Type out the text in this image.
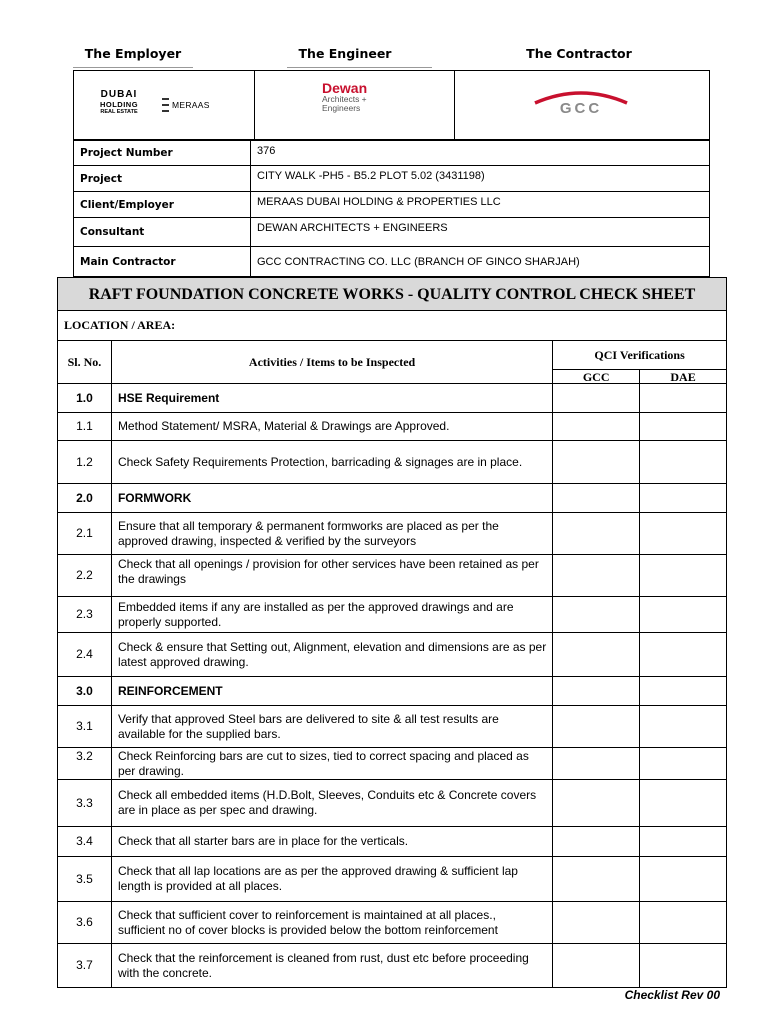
The Employer	The Engineer	The Contractor
DUBAI
HOLDING
REAL ESTATE
MERAAS
Dewan
Architects +
Engineers	GCC
Project Number	376
Project	CITY WALK -PH5 - B5.2 PLOT 5.02 (3431198)
Client/Employer	MERAAS DUBAI HOLDING & PROPERTIES LLC
Consultant	DEWAN ARCHITECTS + ENGINEERS
Main Contractor	GCC CONTRACTING CO. LLC (BRANCH OF GINCO SHARJAH)
RAFT FOUNDATION CONCRETE WORKS - QUALITY CONTROL CHECK SHEET			
LOCATION / AREA:			
Sl. No.	Activities / Items to be Inspected	QCI Verifications	
		GCC	DAE
1.0	HSE Requirement		
1.1	Method Statement/ MSRA, Material & Drawings are Approved.		
1.2	Check Safety Requirements Protection, barricading & signages are in place.		
2.0	FORMWORK		
2.1	Ensure that all temporary & permanent formworks are placed as per the approved drawing, inspected & verified by the surveyors		
2.2	Check that all openings / provision for other services have been retained as per the drawings		
2.3	Embedded items if any are installed as per the approved drawings and are properly supported.		
2.4	Check & ensure that Setting out, Alignment, elevation and dimensions are as per latest approved drawing.		
3.0	REINFORCEMENT		
3.1	Verify that approved Steel bars are delivered to site & all test results are available for the supplied bars.		
3.2	Check Reinforcing bars are cut to sizes, tied to correct spacing and placed as per drawing.		
3.3	Check all embedded items (H.D.Bolt, Sleeves, Conduits etc & Concrete covers are in place as per spec and drawing.		
3.4	Check that all starter bars are in place for the verticals.		
3.5	Check that all lap locations are as per the approved drawing & sufficient lap length is provided at all places.		
3.6	Check that sufficient cover to reinforcement is maintained at all places., sufficient no of cover blocks is provided below the bottom reinforcement		
3.7	Check that the reinforcement is cleaned from rust, dust etc before proceeding with the concrete.		
Checklist Rev 00
